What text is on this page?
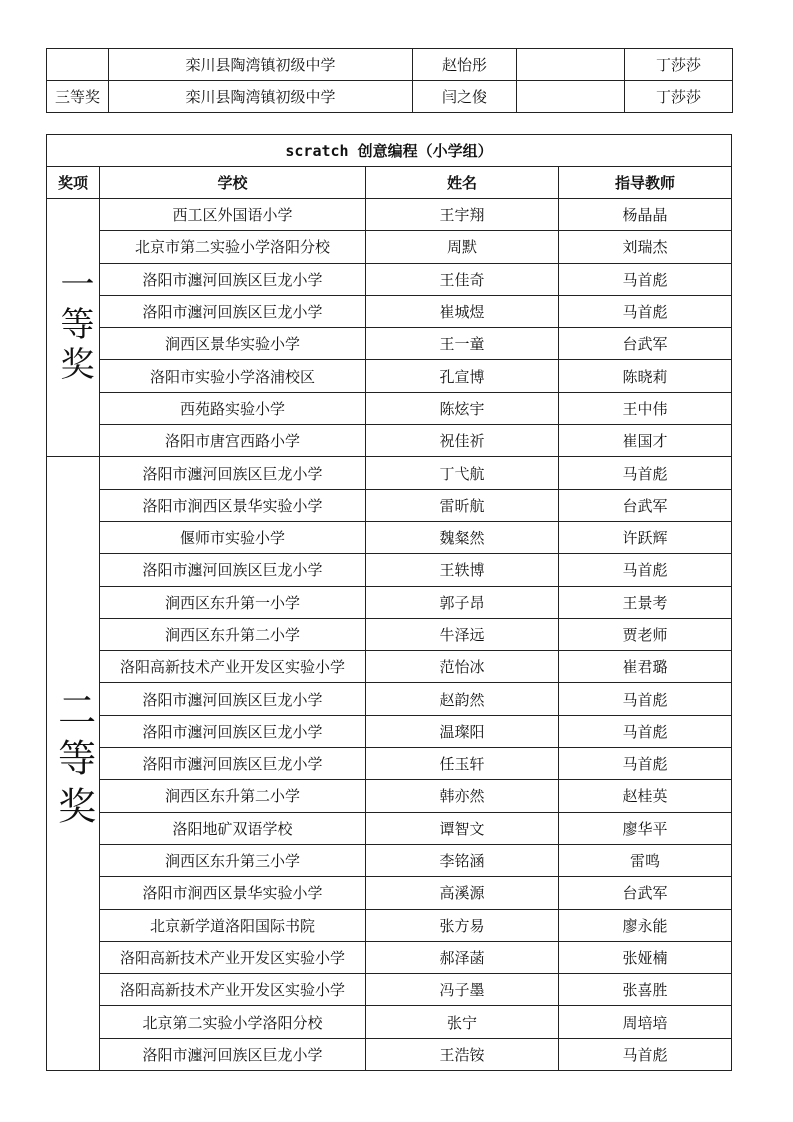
	栾川县陶湾镇初级中学	赵怡彤		丁莎莎
三等奖	栾川县陶湾镇初级中学	闫之俊		丁莎莎
scratch 创意编程（小学组）			
奖项	学校	姓名	指导教师
一等奖	西工区外国语小学	王宇翔	杨晶晶
	北京市第二实验小学洛阳分校	周默	刘瑞杰
	洛阳市瀍河回族区巨龙小学	王佳奇	马首彪
	洛阳市瀍河回族区巨龙小学	崔城煜	马首彪
	涧西区景华实验小学	王一童	台武军
	洛阳市实验小学洛浦校区	孔宣博	陈晓莉
	西苑路实验小学	陈炫宇	王中伟
	洛阳市唐宫西路小学	祝佳祈	崔国才
二等奖	洛阳市瀍河回族区巨龙小学	丁弋航	马首彪
	洛阳市涧西区景华实验小学	雷昕航	台武军
	偃师市实验小学	魏粲然	许跃辉
	洛阳市瀍河回族区巨龙小学	王轶博	马首彪
	涧西区东升第一小学	郭子昂	王景考
	涧西区东升第二小学	牛泽远	贾老师
	洛阳高新技术产业开发区实验小学	范怡冰	崔君璐
	洛阳市瀍河回族区巨龙小学	赵韵然	马首彪
	洛阳市瀍河回族区巨龙小学	温璨阳	马首彪
	洛阳市瀍河回族区巨龙小学	任玉轩	马首彪
	涧西区东升第二小学	韩亦然	赵桂英
	洛阳地矿双语学校	谭智文	廖华平
	涧西区东升第三小学	李铭涵	雷鸣
	洛阳市涧西区景华实验小学	高溪源	台武军
	北京新学道洛阳国际书院	张方易	廖永能
	洛阳高新技术产业开发区实验小学	郝泽菡	张娅楠
	洛阳高新技术产业开发区实验小学	冯子墨	张喜胜
	北京第二实验小学洛阳分校	张宁	周培培
	洛阳市瀍河回族区巨龙小学	王浩铵	马首彪
